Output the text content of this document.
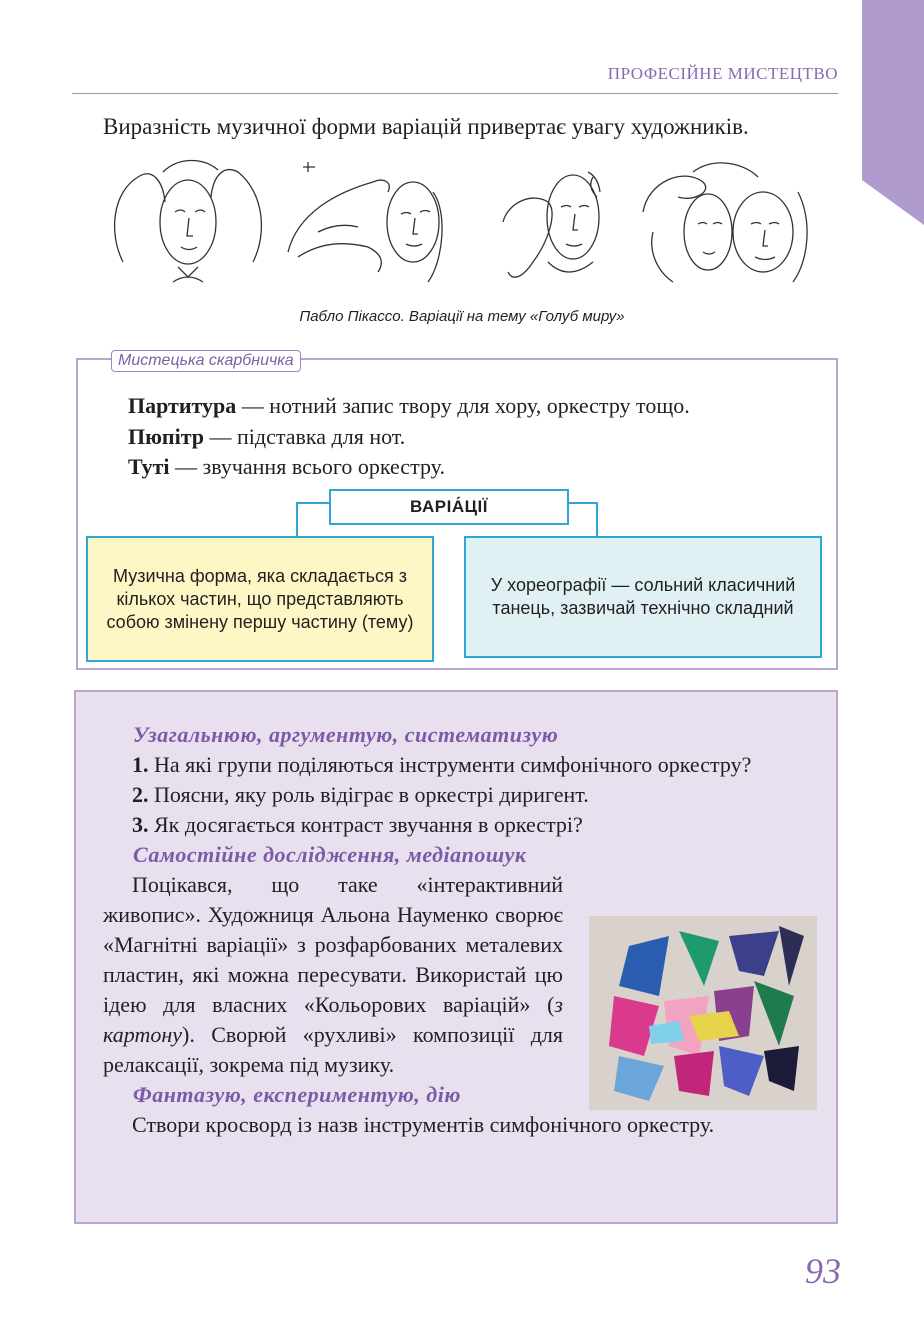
ПРОФЕСІЙНЕ МИСТЕЦТВО
Виразність музичної форми варіацій привертає увагу художників.
Пабло Пікассо. Варіації на тему «Голуб миру»
Мистецька скарбничка
Партитура — нотний запис твору для хору, оркестру тощо.
Пюпітр — підставка для нот.
Туті — звучання всього оркестру.
ВАРІА́ЦІЇ
Музична форма, яка складається з кількох частин, що представляють собою змінену першу частину (тему)
У хореографії — сольний класичний танець, зазвичай технічно складний
Узагальнюю, аргументую, систематизую
1. На які групи поділяються інструменти симфонічного оркестру?
2. Поясни, яку роль відіграє в оркестрі диригент.
3. Як досягається контраст звучання в оркестрі?
Самостійне дослідження, медіапошук
Поцікався, що таке «інтерактивний живопис». Художниця Альона Науменко сворює «Магнітні варіації» з розфарбованих металевих пластин, які можна пересувати. Використай цю ідею для власних «Кольорових варіацій» (з картону). Сворюй «рухливі» композиції для релаксації, зокрема під музику.
Фантазую, експериментую, дію
Створи кросворд із назв інструментів симфонічного оркестру.
93
